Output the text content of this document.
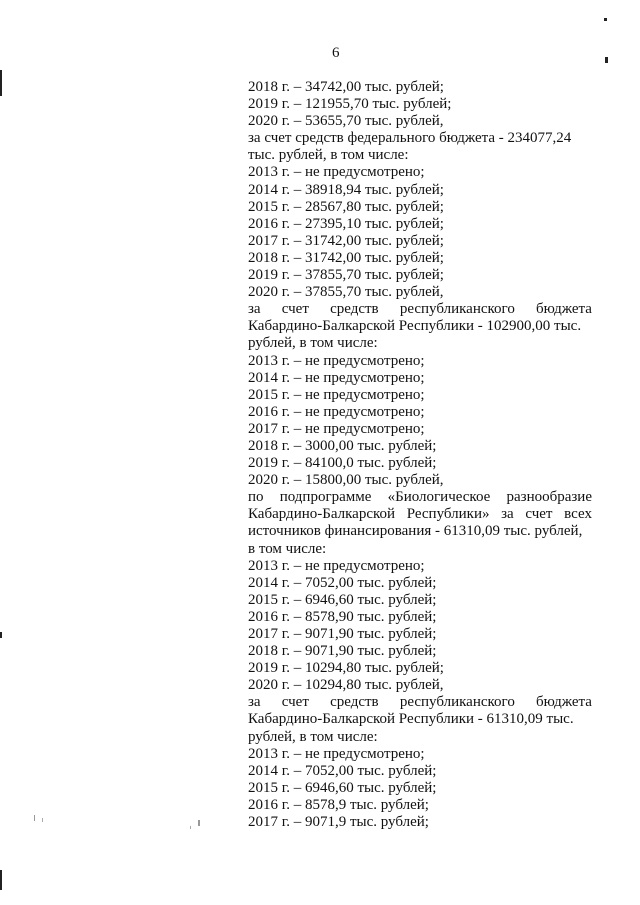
6
2018 г. – 34742,00 тыс. рублей;
2019 г. – 121955,70 тыс. рублей;
2020 г. – 53655,70 тыс. рублей,
за счет средств федерального бюджета - 234077,24
тыс. рублей, в том числе:
2013 г. – не предусмотрено;
2014 г. – 38918,94 тыс. рублей;
2015 г. – 28567,80 тыс. рублей;
2016 г. – 27395,10 тыс. рублей;
2017 г. – 31742,00 тыс. рублей;
2018 г. – 31742,00 тыс. рублей;
2019 г. – 37855,70 тыс. рублей;
2020 г. – 37855,70 тыс. рублей,
за счет средств республиканского бюджета
Кабардино-Балкарской Республики - 102900,00 тыс.
рублей, в том числе:
2013 г. – не предусмотрено;
2014 г. – не предусмотрено;
2015 г. – не предусмотрено;
2016 г. – не предусмотрено;
2017 г. – не предусмотрено;
2018 г. – 3000,00 тыс. рублей;
2019 г. – 84100,0 тыс. рублей;
2020 г. – 15800,00 тыс. рублей,
по подпрограмме «Биологическое разнообразие
Кабардино-Балкарской Республики» за счет всех
источников финансирования - 61310,09 тыс. рублей,
в том числе:
2013 г. – не предусмотрено;
2014 г. – 7052,00 тыс. рублей;
2015 г. – 6946,60 тыс. рублей;
2016 г. – 8578,90 тыс. рублей;
2017 г. – 9071,90 тыс. рублей;
2018 г. – 9071,90 тыс. рублей;
2019 г. – 10294,80 тыс. рублей;
2020 г. – 10294,80 тыс. рублей,
за счет средств республиканского бюджета
Кабардино-Балкарской Республики - 61310,09 тыс.
рублей, в том числе:
2013 г. – не предусмотрено;
2014 г. – 7052,00 тыс. рублей;
2015 г. – 6946,60 тыс. рублей;
2016 г. – 8578,9 тыс. рублей;
2017 г. – 9071,9 тыс. рублей;
